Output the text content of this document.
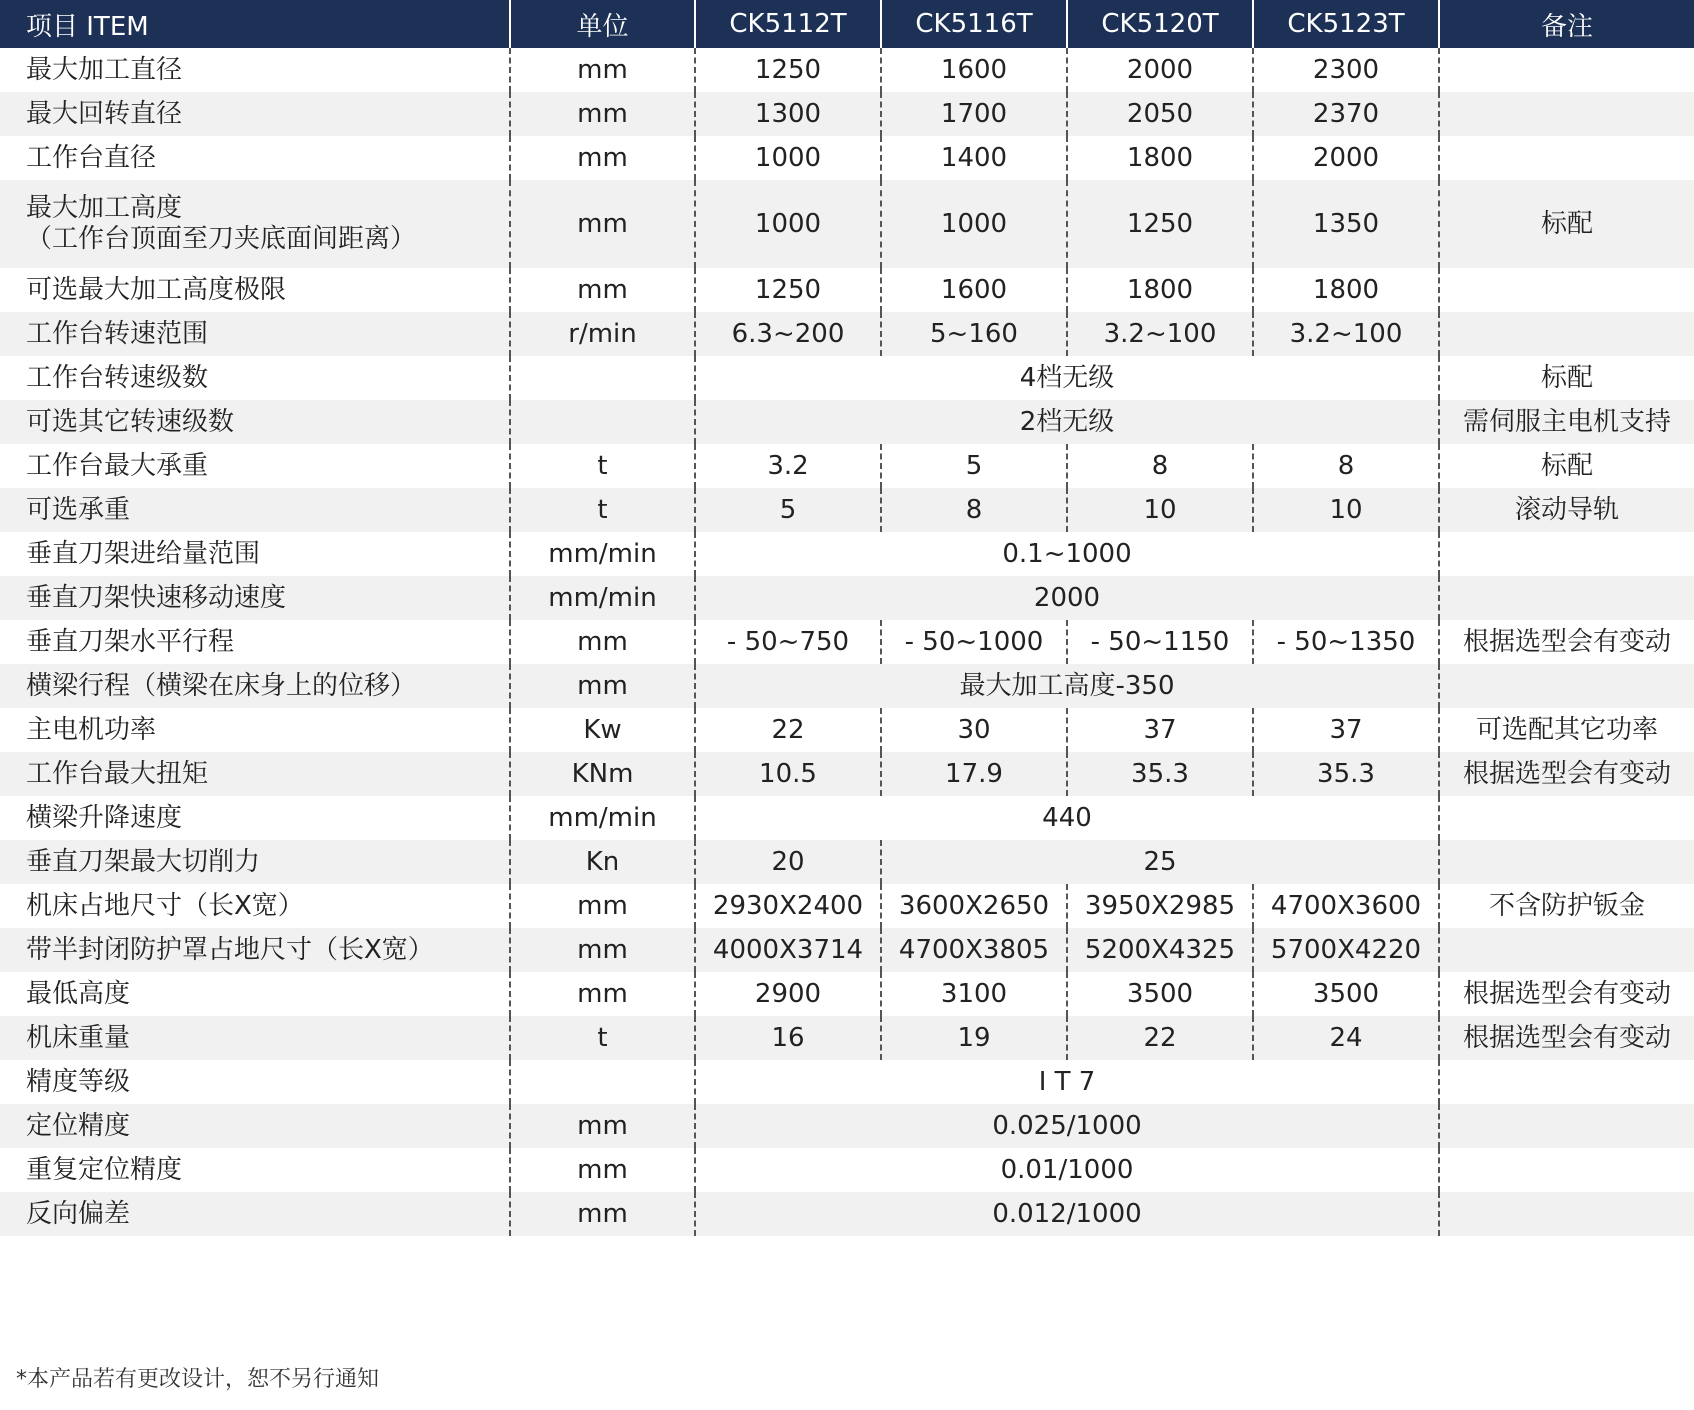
项目 ITEM	单位	CK5112T	CK5116T	CK5120T	CK5123T	备注

最大加工直径	mm	1250	1600	2000	2300	

最大回转直径	mm	1300	1700	2050	2370	

工作台直径	mm	1000	1400	1800	2000	

最大加工高度
（工作台顶面至刀夹底面间距离）	mm	1000	1000	1250	1350	标配

可选最大加工高度极限	mm	1250	1600	1800	1800	

工作台转速范围	r/min	6.3~200	5~160	3.2~100	3.2~100	

工作台转速级数		4档无级				标配

可选其它转速级数		2档无级				需伺服主电机支持

工作台最大承重	t	3.2	5	8	8	标配

可选承重	t	5	8	10	10	滚动导轨

垂直刀架进给量范围	mm/min	0.1~1000				

垂直刀架快速移动速度	mm/min	2000				

垂直刀架水平行程	mm	- 50~750	- 50~1000	- 50~1150	- 50~1350	根据选型会有变动

横梁行程（横梁在床身上的位移）	mm	最大加工高度-350				

主电机功率	Kw	22	30	37	37	可选配其它功率

工作台最大扭矩	KNm	10.5	17.9	35.3	35.3	根据选型会有变动

横梁升降速度	mm/min	440				

垂直刀架最大切削力	Kn	20	25			

机床占地尺寸（长X宽）	mm	2930X2400	3600X2650	3950X2985	4700X3600	不含防护钣金

带半封闭防护罩占地尺寸（长X宽）	mm	4000X3714	4700X3805	5200X4325	5700X4220	

最低高度	mm	2900	3100	3500	3500	根据选型会有变动

机床重量	t	16	19	22	24	根据选型会有变动

精度等级		I T 7				

定位精度	mm	0.025/1000				

重复定位精度	mm	0.01/1000				

反向偏差	mm	0.012/1000				
*本产品若有更改设计，恕不另行通知
